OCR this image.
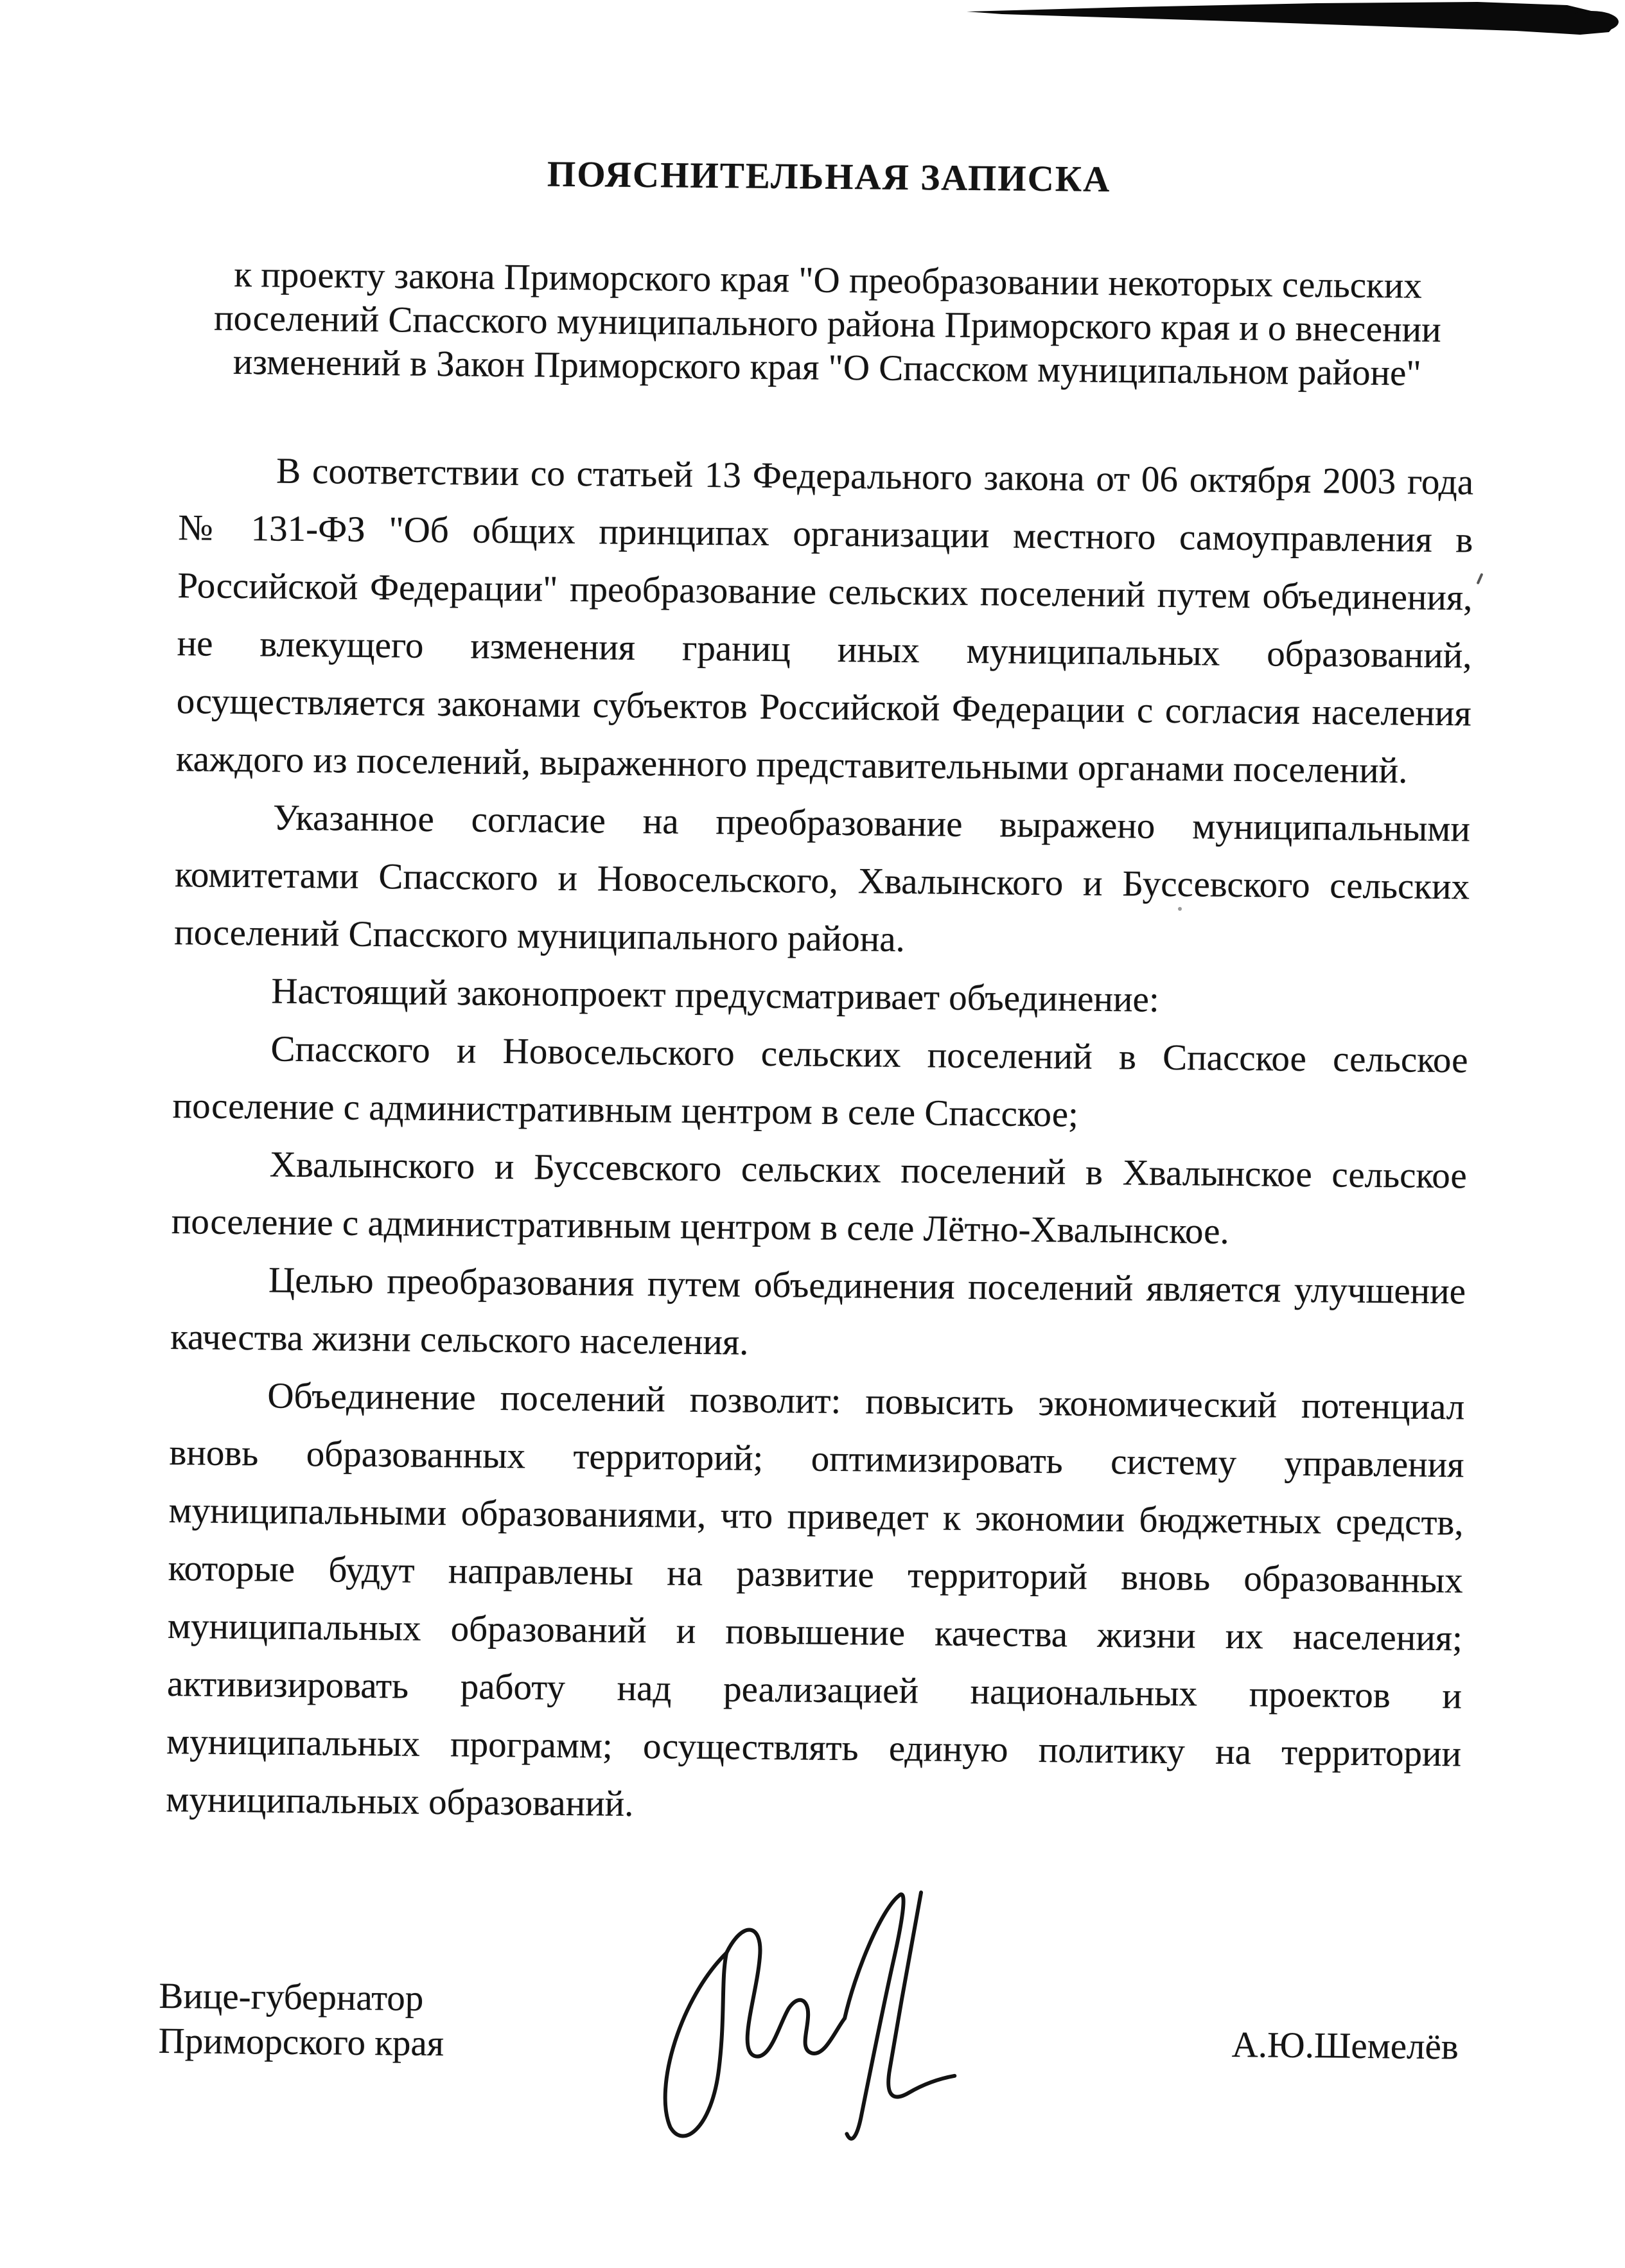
ПОЯСНИТЕЛЬНАЯ ЗАПИСКА
к проекту закона Приморского края "О преобразовании некоторых сельских поселений Спасского муниципального района Приморского края и о внесении изменений в Закон Приморского края "О Спасском муниципальном районе"

В соответствии со статьей 13 Федерального закона от 06 октября 2003 года № 131-ФЗ "Об общих принципах организации местного самоуправления в Российской Федерации" преобразование сельских поселений путем объединения, не влекущего изменения границ иных муниципальных образований, осуществляется законами субъектов Российской Федерации с согласия населения каждого из поселений, выраженного представительными органами поселений.

Указанное согласие на преобразование выражено муниципальными комитетами Спасского и Новосельского, Хвалынского и Буссевского сельских поселений Спасского муниципального района.

Настоящий законопроект предусматривает объединение:

Спасского и Новосельского сельских поселений в Спасское сельское поселение с административным центром в селе Спасское;

Хвалынского и Буссевского сельских поселений в Хвалынское сельское поселение с административным центром в селе Лётно-Хвалынское.

Целью преобразования путем объединения поселений является улучшение качества жизни сельского населения.

Объединение поселений позволит: повысить экономический потенциал вновь образованных территорий; оптимизировать систему управления муниципальными образованиями, что приведет к экономии бюджетных средств, которые будут направлены на развитие территорий вновь образованных муниципальных образований и повышение качества жизни их населения; активизировать работу над реализацией национальных проектов и муниципальных программ; осуществлять единую политику на территории муниципальных образований.

Вице-губернатор
Приморского края	А.Ю.Шемелёв
